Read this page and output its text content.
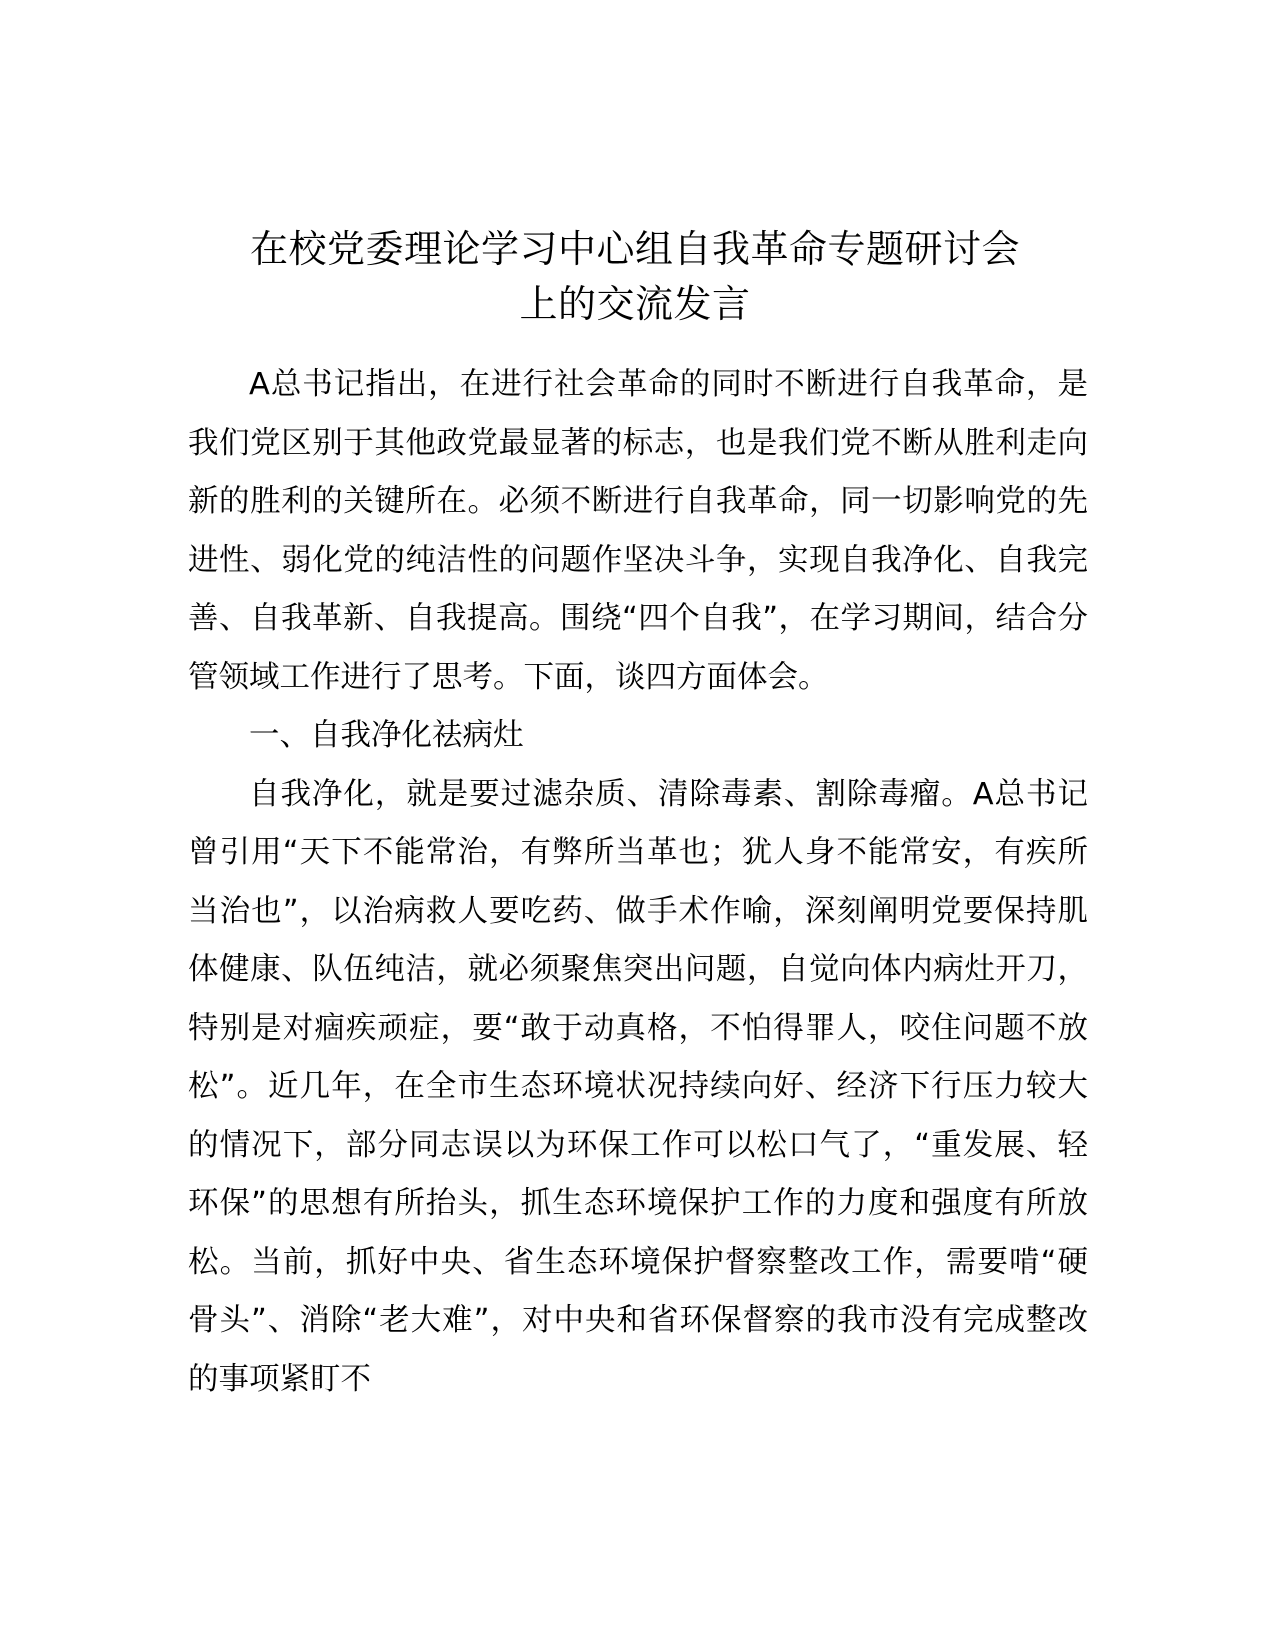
在校党委理论学习中心组自我革命专题研讨会
上的交流发言

A总书记指出，在进行社会革命的同时不断进行自我革命，是我们党区别于其他政党最显著的标志，也是我们党不断从胜利走向新的胜利的关键所在。必须不断进行自我革命，同一切影响党的先进性、弱化党的纯洁性的问题作坚决斗争，实现自我净化、自我完善、自我革新、自我提高。围绕“四个自我”，在学习期间，结合分管领域工作进行了思考。下面，谈四方面体会。

一、自我净化祛病灶

自我净化，就是要过滤杂质、清除毒素、割除毒瘤。A总书记曾引用“天下不能常治，有弊所当革也；犹人身不能常安，有疾所当治也”，以治病救人要吃药、做手术作喻，深刻阐明党要保持肌体健康、队伍纯洁，就必须聚焦突出问题，自觉向体内病灶开刀，特别是对痼疾顽症，要“敢于动真格，不怕得罪人，咬住问题不放松”。近几年，在全市生态环境状况持续向好、经济下行压力较大的情况下，部分同志误以为环保工作可以松口气了，“重发展、轻环保”的思想有所抬头，抓生态环境保护工作的力度和强度有所放松。当前，抓好中央、省生态环境保护督察整改工作，需要啃“硬骨头”、消除“老大难”，对中央和省环保督察的我市没有完成整改的事项紧盯不
